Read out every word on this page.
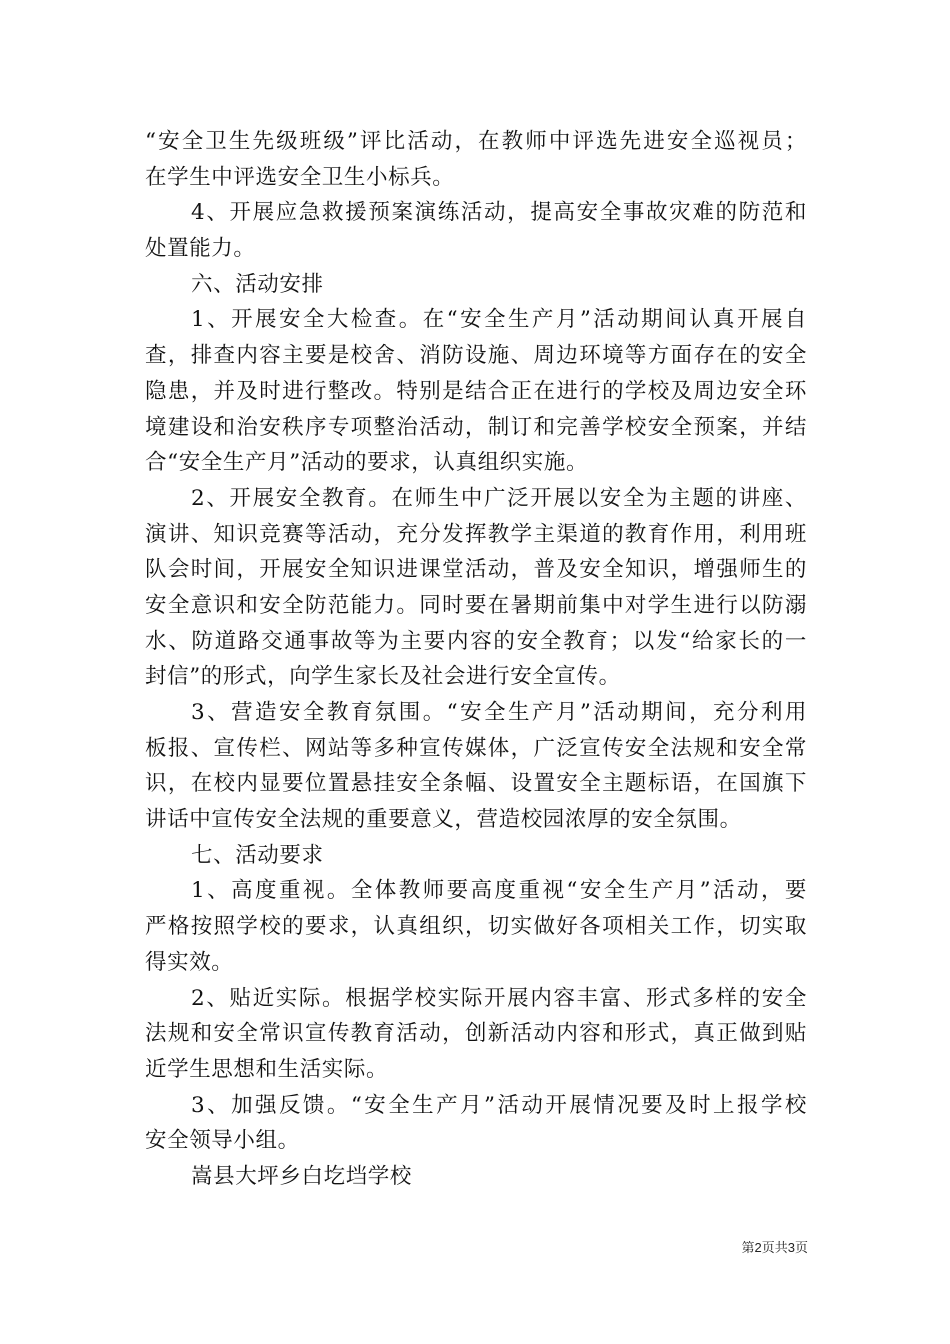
“安全卫生先级班级”评比活动，在教师中评选先进安全巡视员；
在学生中评选安全卫生小标兵。
4、开展应急救援预案演练活动，提高安全事故灾难的防范和
处置能力。
六、活动安排
1、开展安全大检查。在“安全生产月”活动期间认真开展自
查，排查内容主要是校舍、消防设施、周边环境等方面存在的安全
隐患，并及时进行整改。特别是结合正在进行的学校及周边安全环
境建设和治安秩序专项整治活动，制订和完善学校安全预案，并结
合“安全生产月”活动的要求，认真组织实施。
2、开展安全教育。在师生中广泛开展以安全为主题的讲座、
演讲、知识竞赛等活动，充分发挥教学主渠道的教育作用，利用班
队会时间，开展安全知识进课堂活动，普及安全知识，增强师生的
安全意识和安全防范能力。同时要在暑期前集中对学生进行以防溺
水、防道路交通事故等为主要内容的安全教育；以发“给家长的一
封信”的形式，向学生家长及社会进行安全宣传。
3、营造安全教育氛围。“安全生产月”活动期间，充分利用
板报、宣传栏、网站等多种宣传媒体，广泛宣传安全法规和安全常
识，在校内显要位置悬挂安全条幅、设置安全主题标语，在国旗下
讲话中宣传安全法规的重要意义，营造校园浓厚的安全氛围。
七、活动要求
1、高度重视。全体教师要高度重视“安全生产月”活动，要
严格按照学校的要求，认真组织，切实做好各项相关工作，切实取
得实效。
2、贴近实际。根据学校实际开展内容丰富、形式多样的安全
法规和安全常识宣传教育活动，创新活动内容和形式，真正做到贴
近学生思想和生活实际。
3、加强反馈。“安全生产月”活动开展情况要及时上报学校
安全领导小组。
嵩县大坪乡白圪垱学校
第2页共3页
